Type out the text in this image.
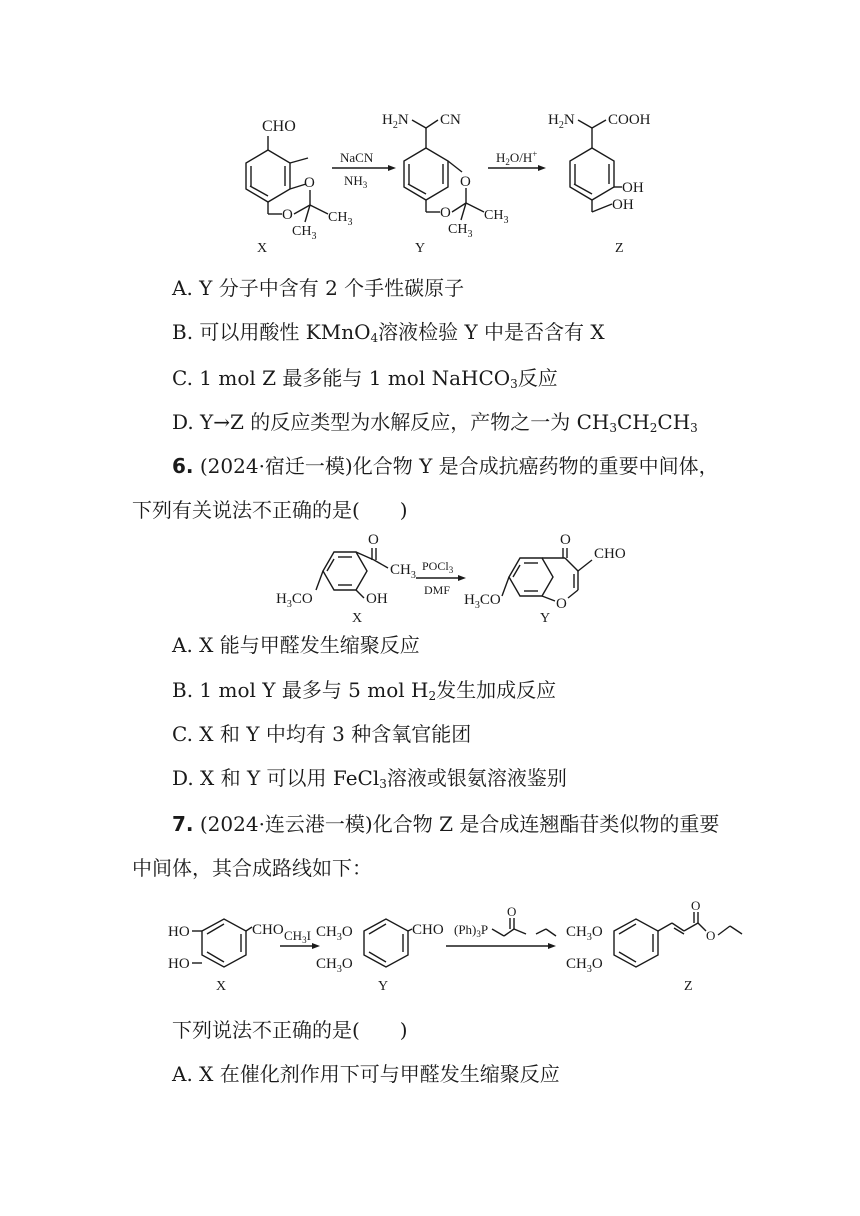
CHO
O
O	$CH_3$
$CH_3$
X
NaCN
$NH_3$
$H_2N$ CN
O
O $CH_3$
$CH_3$
Y
$H_2O/H^+$
$H_2N$ COOH
OH
OH
Z
A. Y 分子中含有 2 个手性碳原子
B. 可以用酸性 KMnO$_4$溶液检验 Y 中是否含有 X
C. 1 mol Z 最多能与 1 mol NaHCO$_3$反应
D. Y→Z 的反应类型为水解反应，产物之一为 $CH_3CH_2CH_3$
6. (2024·宿迁一模)化合物 Y 是合成抗癌药物的重要中间体，
下列有关说法不正确的是(　　)
O
$CH_3$
OH
$H_3CO$
X
POCl$_3$
DMF
O
CHO
O
$H_3CO$
Y
A. X 能与甲醛发生缩聚反应
B. 1 mol Y 最多与 5 mol $H_2$发生加成反应
C. X 和 Y 中均有 3 种含氧官能团
D. X 和 Y 可以用 FeCl$_3$溶液或银氨溶液鉴别
7. (2024·连云港一模)化合物 Z 是合成连翘酯苷类似物的重要
中间体，其合成路线如下：
HO
HO
CHO
X
$CH_3I$ $CH_3O$
$CH_3O$
CHO
Y
$(Ph)_3P$
O
$CH_3O$
$CH_3O$
O
O
Z
下列说法不正确的是(　　)
A. X 在催化剂作用下可与甲醛发生缩聚反应
